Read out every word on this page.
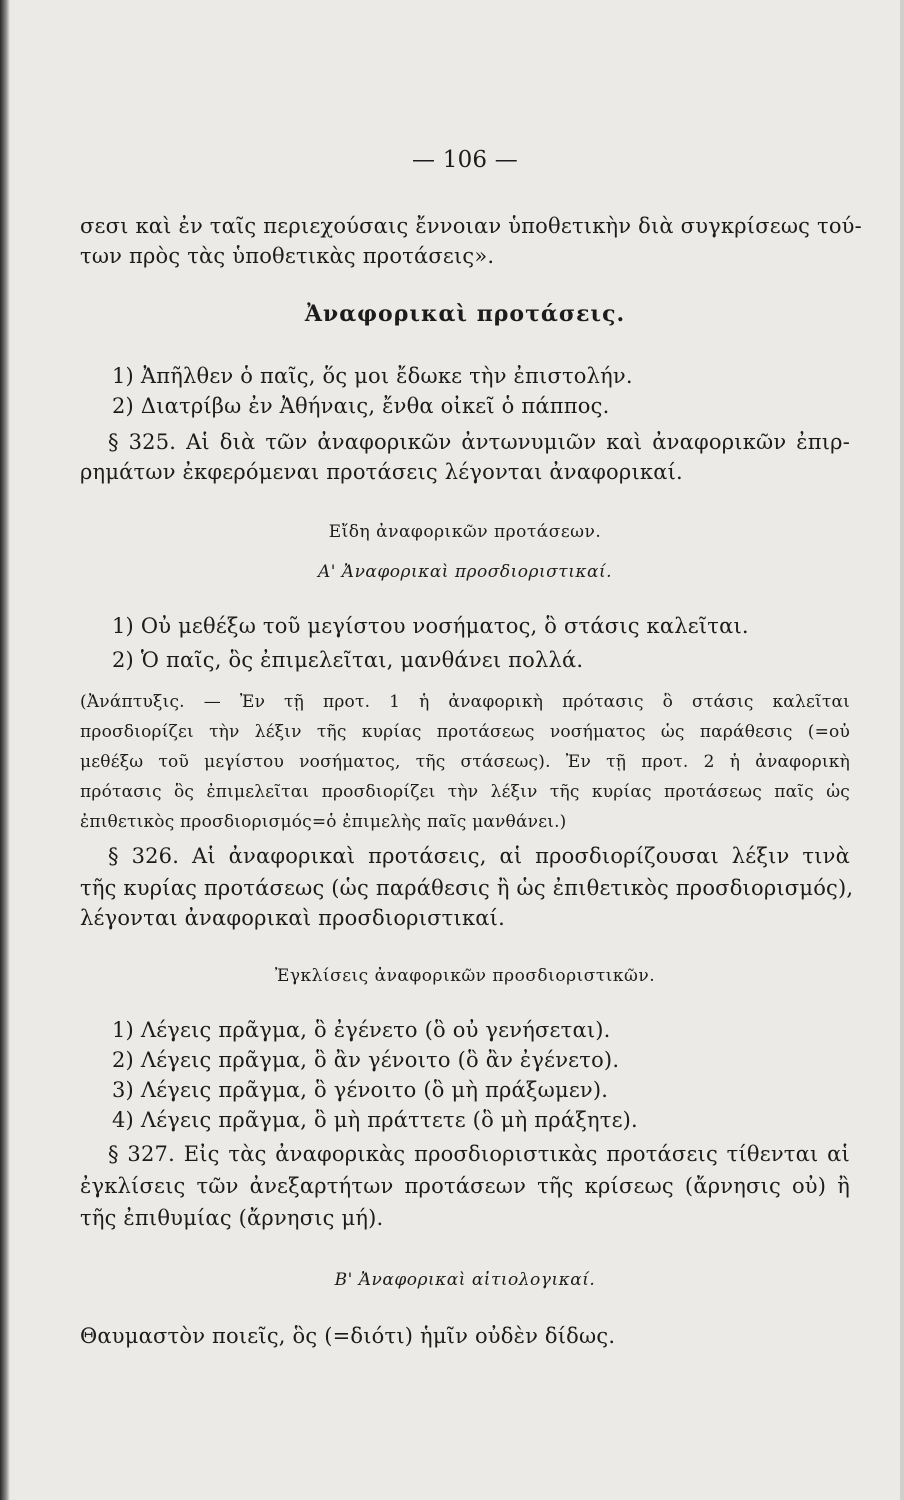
— 106 —
σεσι καὶ ἐν ταῖς περιεχούσαις ἔννοιαν ὑποθετικὴν διὰ συγκρίσεως τού-
των πρὸς τὰς ὑποθετικὰς προτάσεις».
Ἀναφορικαὶ προτάσεις.
1) Ἀπῆλθεν ὁ παῖς, ὅς μοι ἔδωκε τὴν ἐπιστολήν.
2) Διατρίβω ἐν Ἀθήναις, ἔνθα οἰκεῖ ὁ πάππος.
§ 325. Αἱ διὰ τῶν ἀναφορικῶν ἀντωνυμιῶν καὶ ἀναφορικῶν ἐπιρ-
ρημάτων ἐκφερόμεναι προτάσεις λέγονται ἀναφορικαί.
Εἴδη ἀναφορικῶν προτάσεων.
Α' Ἀναφορικαὶ προσδιοριστικαί.
1) Οὐ μεθέξω τοῦ μεγίστου νοσήματος, ὃ στάσις καλεῖται.
2) Ὁ παῖς, ὃς ἐπιμελεῖται, μανθάνει πολλά.
(Ἀνάπτυξις. — Ἐν τῇ προτ. 1 ἡ ἀναφορικὴ πρότασις ὃ στάσις καλεῖται
προσδιορίζει τὴν λέξιν τῆς κυρίας προτάσεως νοσήματος ὡς παράθεσις (=οὐ
μεθέξω τοῦ μεγίστου νοσήματος, τῆς στάσεως). Ἐν τῇ προτ. 2 ἡ ἀναφορικὴ
πρότασις ὃς ἐπιμελεῖται προσδιορίζει τὴν λέξιν τῆς κυρίας προτάσεως παῖς ὡς
ἐπιθετικὸς προσδιορισμός=ὁ ἐπιμελὴς παῖς μανθάνει.)
§ 326. Αἱ ἀναφορικαὶ προτάσεις, αἱ προσδιορίζουσαι λέξιν τινὰ
τῆς κυρίας προτάσεως (ὡς παράθεσις ἢ ὡς ἐπιθετικὸς προσδιορισμός),
λέγονται ἀναφορικαὶ προσδιοριστικαί.
Ἐγκλίσεις ἀναφορικῶν προσδιοριστικῶν.
1) Λέγεις πρᾶγμα, ὃ ἐγένετο (ὃ οὐ γενήσεται).
2) Λέγεις πρᾶγμα, ὃ ἂν γένοιτο (ὃ ἂν ἐγένετο).
3) Λέγεις πρᾶγμα, ὃ γένοιτο (ὃ μὴ πράξωμεν).
4) Λέγεις πρᾶγμα, ὃ μὴ πράττετε (ὃ μὴ πράξητε).
§ 327. Εἰς τὰς ἀναφορικὰς προσδιοριστικὰς προτάσεις τίθενται αἱ
ἐγκλίσεις τῶν ἀνεξαρτήτων προτάσεων τῆς κρίσεως (ἄρνησις οὐ) ἢ
τῆς ἐπιθυμίας (ἄρνησις μή).
Β' Ἀναφορικαὶ αἰτιολογικαί.
Θαυμαστὸν ποιεῖς, ὃς (=διότι) ἡμῖν οὐδὲν δίδως.
